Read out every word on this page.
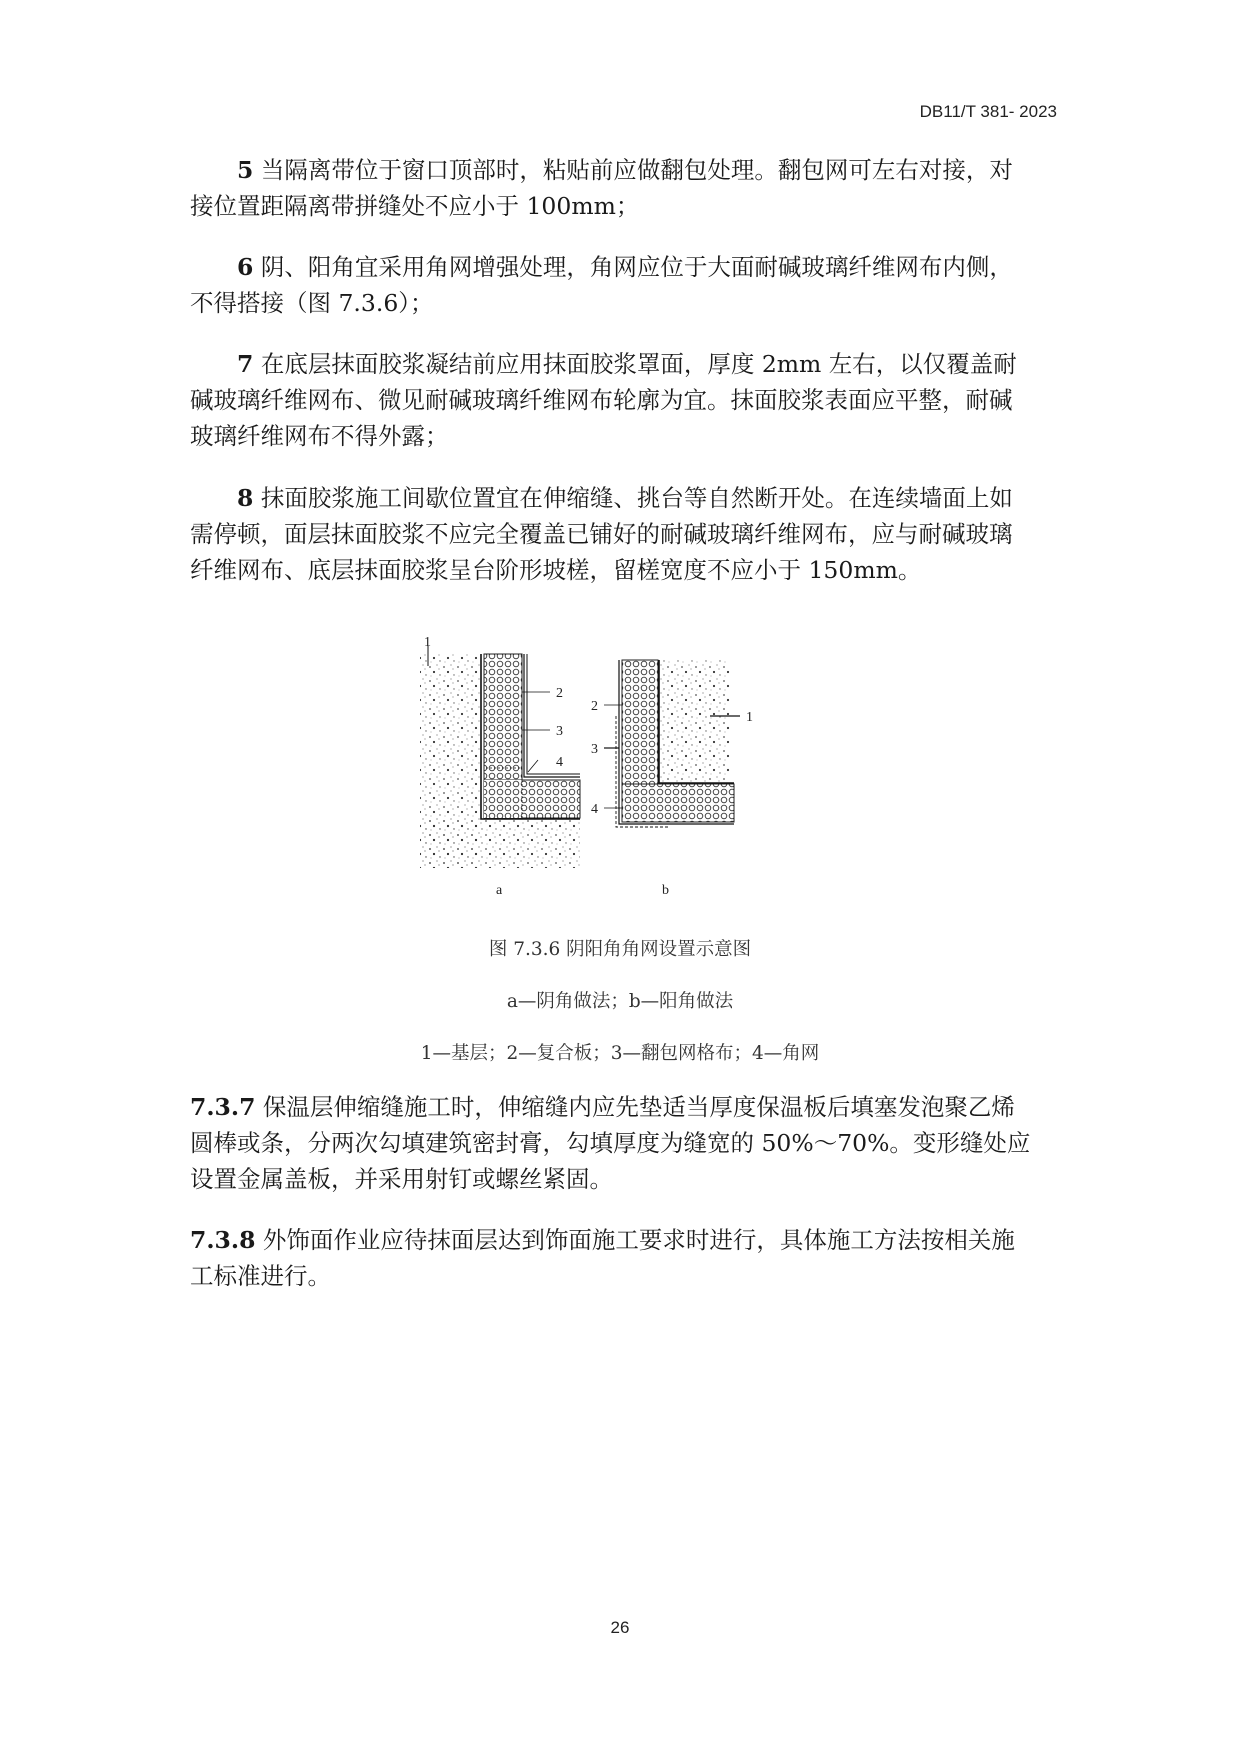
DB11/T 381- 2023
5 当隔离带位于窗口顶部时，粘贴前应做翻包处理。翻包网可左右对接，对
接位置距隔离带拼缝处不应小于 100mm；
6 阴、阳角宜采用角网增强处理，角网应位于大面耐碱玻璃纤维网布内侧，
不得搭接（图 7.3.6）；
7 在底层抹面胶浆凝结前应用抹面胶浆罩面，厚度 2mm 左右，以仅覆盖耐
碱玻璃纤维网布、微见耐碱玻璃纤维网布轮廓为宜。抹面胶浆表面应平整，耐碱
玻璃纤维网布不得外露；
8 抹面胶浆施工间歇位置宜在伸缩缝、挑台等自然断开处。在连续墙面上如
需停顿，面层抹面胶浆不应完全覆盖已铺好的耐碱玻璃纤维网布，应与耐碱玻璃
纤维网布、底层抹面胶浆呈台阶形坡槎，留槎宽度不应小于 150mm。
1
2
3
4
a
2
3
4
1
b
图 7.3.6 阴阳角角网设置示意图
a—阴角做法；b—阳角做法
1—基层；2—复合板；3—翻包网格布；4—角网
7.3.7 保温层伸缩缝施工时，伸缩缝内应先垫适当厚度保温板后填塞发泡聚乙烯
圆棒或条，分两次勾填建筑密封膏，勾填厚度为缝宽的 50%～70%。变形缝处应
设置金属盖板，并采用射钉或螺丝紧固。
7.3.8 外饰面作业应待抹面层达到饰面施工要求时进行，具体施工方法按相关施
工标准进行。
26
